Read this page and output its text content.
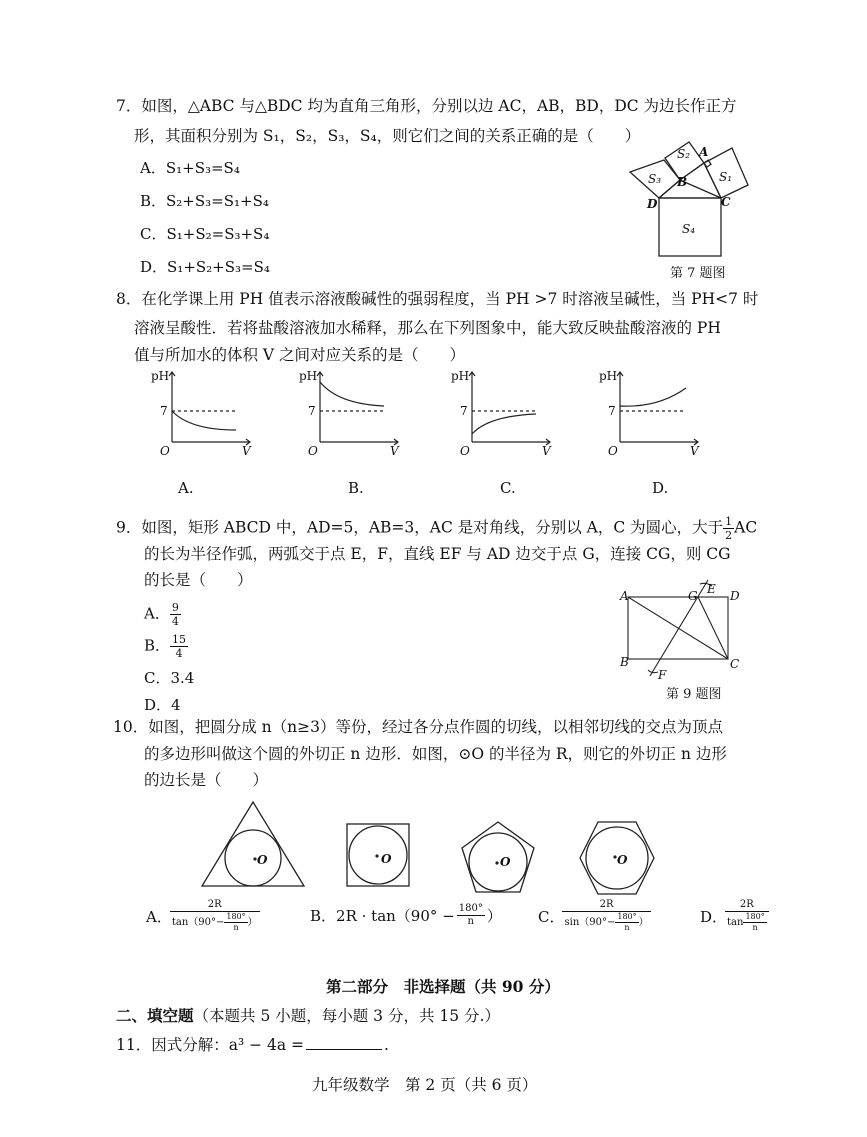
7．如图，△ABC 与△BDC 均为直角三角形，分别以边 AC，AB，BD，DC 为边长作正方
形，其面积分别为 S₁，S₂，S₃，S₄，则它们之间的关系正确的是（　　）
A．S₁+S₃=S₄
B．S₂+S₃=S₁+S₄
C．S₁+S₂=S₃+S₄
D．S₁+S₂+S₃=S₄
S₂ A
S₃ B	S₁
D	C
S₄
第 7 题图
8．在化学课上用 PH 值表示溶液酸碱性的强弱程度，当 PH >7 时溶液呈碱性，当 PH<7 时
溶液呈酸性．若将盐酸溶液加水稀释，那么在下列图象中，能大致反映盐酸溶液的 PH
值与所加水的体积 V 之间对应关系的是（　　）
pH
7
O	V
pH
7
O	V
pH
7
O	V
pH
7
O	V
A.	B.	C.	D.
9．如图，矩形 ABCD 中，AD=5，AB=3，AC 是对角线，分别以 A，C 为圆心，大于 $\frac{1}{2}$ AC
的长为半径作弧，两弧交于点 E，F，直线 EF 与 AD 边交于点 G，连接 CG，则 CG
的长是（　　）
A． $\frac{9}{4}$
B． $\frac{15}{4}$
C．3.4
D．4
A	G E D
B
F
C
第 9 题图
10．如图，把圆分成 n（n≥3）等份，经过各分点作圆的切线，以相邻切线的交点为顶点
的多边形叫做这个圆的外切正 n 边形．如图，⊙O 的半径为 R，则它的外切正 n 边形
的边长是（　　）
O	O	O	O
A． $\frac{2R}{\tan(90^\circ- \frac{180^\circ}{n} )}$	B． $2R \cdot \tan(90^\circ - \frac{180^\circ}{n}$ ） C． $\frac{2R}{\sin(90^\circ- \frac{180^\circ}{n} )}$	D． $\frac{2R}{\tan \frac{180^\circ}{n}}$
第二部分　非选择题（共 90 分）
二、填空题（本题共 5 小题，每小题 3 分，共 15 分.）
11．因式分解：a³ − 4a =	.
九年级数学　第 2 页（共 6 页）
